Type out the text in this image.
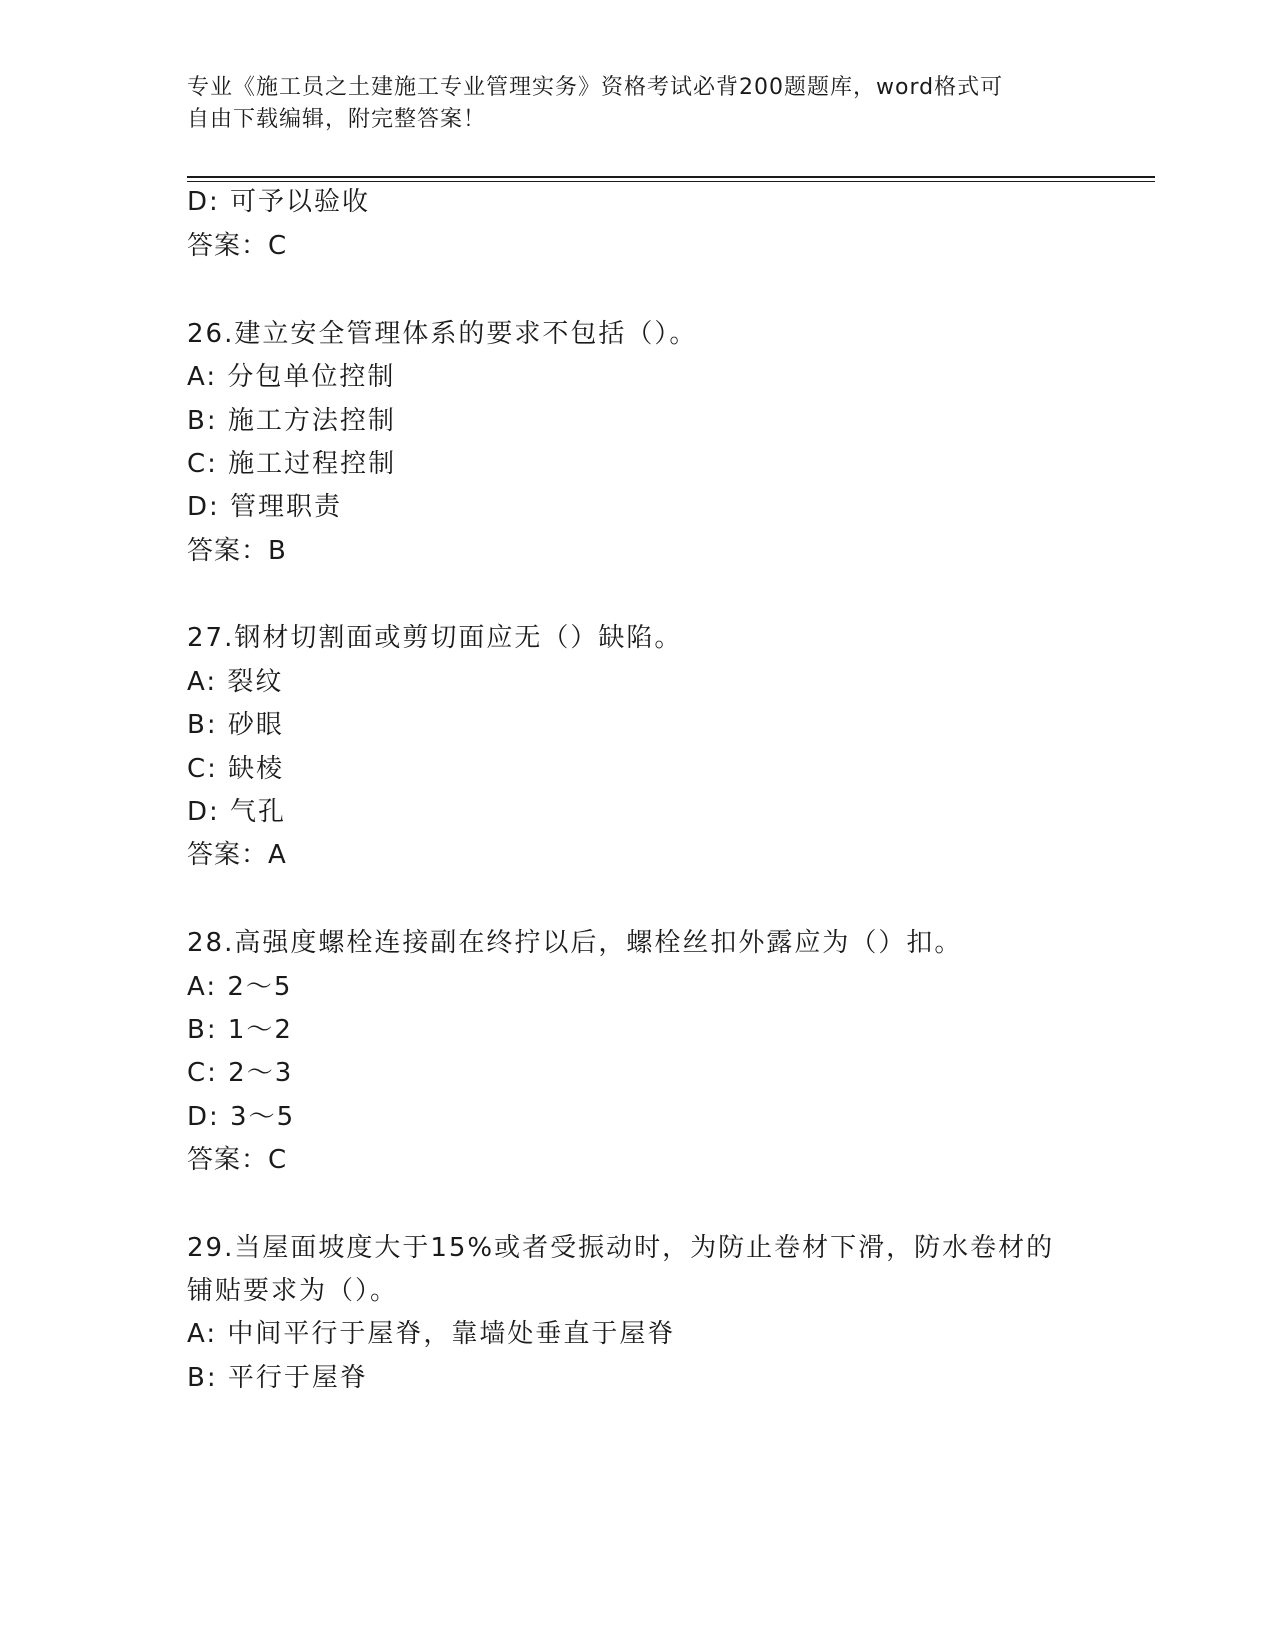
专业《施工员之土建施工专业管理实务》资格考试必背200题题库，word格式可
自由下载编辑，附完整答案！
D: 可予以验收
答案：C
26.建立安全管理体系的要求不包括（）。
A: 分包单位控制
B: 施工方法控制
C: 施工过程控制
D: 管理职责
答案：B
27.钢材切割面或剪切面应无（）缺陷。
A: 裂纹
B: 砂眼
C: 缺棱
D: 气孔
答案：A
28.高强度螺栓连接副在终拧以后，螺栓丝扣外露应为（）扣。
A: 2～5
B: 1～2
C: 2～3
D: 3～5
答案：C
29.当屋面坡度大于15%或者受振动时，为防止卷材下滑，防水卷材的
铺贴要求为（）。
A: 中间平行于屋脊，靠墙处垂直于屋脊
B: 平行于屋脊
